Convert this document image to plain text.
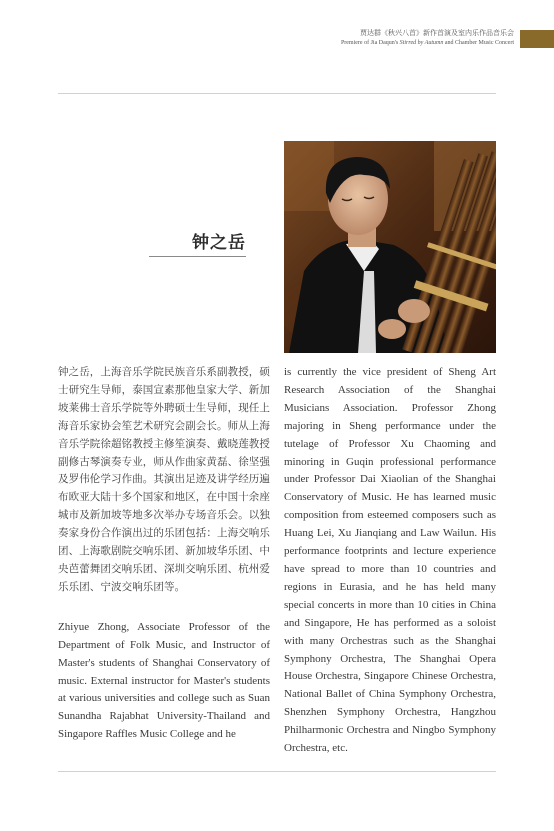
贾达群《秋兴八首》新作首演及室内乐作品音乐会
Premiere of Jia Daqun's Stirred by Autumn and Chamber Music Concert
钟之岳

钟之岳，上海音乐学院民族音乐系副教授，硕士研究生导师，泰国宣素那他皇家大学、新加坡莱佛士音乐学院等外聘硕士生导师，现任上海音乐家协会笙艺术研究会副会长。师从上海音乐学院徐超铭教授主修笙演奏、戴晓莲教授副修古琴演奏专业，师从作曲家黄磊、徐坚强及罗伟伦学习作曲。其演出足迹及讲学经历遍布欧亚大陆十多个国家和地区，在中国十余座城市及新加坡等地多次举办专场音乐会。以独奏家身份合作演出过的乐团包括：上海交响乐团、上海歌剧院交响乐团、新加坡华乐团、中央芭蕾舞团交响乐团、深圳交响乐团、杭州爱乐乐团、宁波交响乐团等。

Zhiyue Zhong, Associate Professor of the Department of Folk Music, and Instructor of Master's students of Shanghai Conservatory of music. External instructor for Master's students at various universities and college such as Suan Sunandha Rajabhat University-Thailand and Singapore Raffles Music College and he

is currently the vice president of Sheng Art Research Association of the Shanghai Musicians Association. Professor Zhong majoring in Sheng performance under the tutelage of Professor Xu Chaoming and minoring in Guqin professional performance under Professor Dai Xiaolian of the Shanghai Conservatory of Music. He has learned music composition from esteemed composers such as Huang Lei, Xu Jianqiang and Law Wailun. His performance footprints and lecture experience have spread to more than 10 countries and regions in Eurasia, and he has held many special concerts in more than 10 cities in China and Singapore, He has performed as a soloist with many Orchestras such as the Shanghai Symphony Orchestra, The Shanghai Opera House Orchestra, Singapore Chinese Orchestra, National Ballet of China Symphony Orchestra, Shenzhen Symphony Orchestra, Hangzhou Philharmonic Orchestra and Ningbo Symphony Orchestra, etc.
